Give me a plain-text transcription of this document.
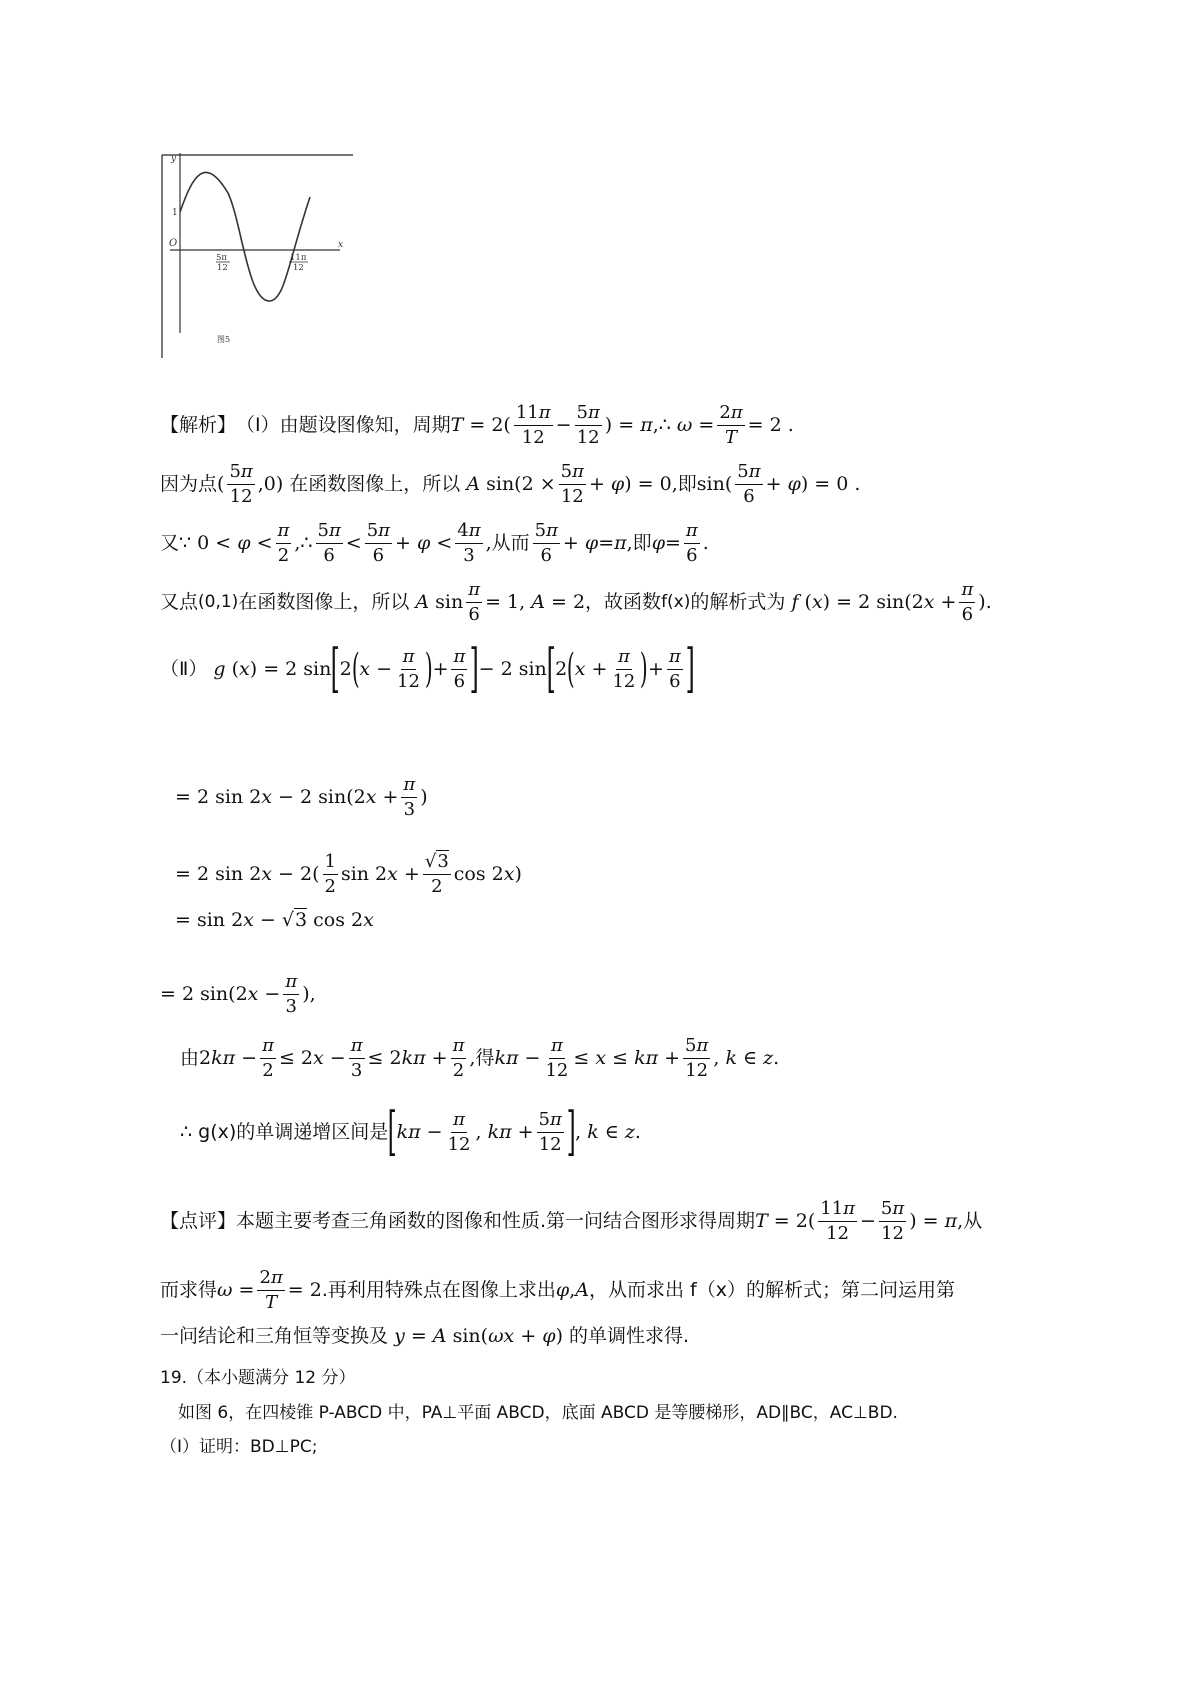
y
x
O
1
5π
12
11π
12
图5
【解析】 （Ⅰ） 由题设图像知，周期 $T = 2( \frac{11\pi}{12} - \frac{5\pi}{12}$ ) = π,∴ $\omega = \frac{2\pi}{T} = 2$ .
因为点 ( $\frac{5\pi}{12} ,0$) 在函数图像上，所以 A $\sin(2 \times \frac{5\pi}{12} + \varphi) = 0$, 即 $\sin( \frac{5\pi}{6} + \varphi) = 0$ .
又∵ $0 < \varphi < \frac{\pi}{2}$ ,∴ $\frac{5\pi}{6} < \frac{5\pi}{6} + \varphi < \frac{4\pi}{3}$ , 从而 $\frac{5\pi}{6} + \varphi=\pi$, 即 $\varphi = \frac{\pi}{6}$ .
又点 (0,1) 在函数图像上，所以 A $\sin \frac{\pi}{6} = 1$, A = 2 ，故函数 f(x) 的解析式为 f (x) = 2 $\sin(2x + \frac{\pi}{6}$ ).
（Ⅱ） g (x) = 2 sin [ 2 ( $x - \frac{\pi}{12}$ ) + $\frac{\pi}{6}$ ] − 2 sin [ 2 ( $x + \frac{\pi}{12}$ ) + $\frac{\pi}{6}$ ]
= 2 sin 2x − 2 $\sin(2x + \frac{\pi}{3}$ )
= 2 $\sin 2x - 2( \frac{1}{2}$ $\sin 2x + \frac{√3}{2}$ cos 2x)
= sin 2x − √3 cos 2x
= 2 $\sin(2x - \frac{\pi}{3}$ ),
由 $2k\pi - \frac{\pi}{2} \le 2x - \frac{\pi}{3} \le 2k\pi + \frac{\pi}{2}$ , 得 $k\pi - \frac{\pi}{12} \le x \le k\pi + \frac{5\pi}{12}$ , k ∈ z.
∴ g(x)的单调递增区间是 [ $k\pi - \frac{\pi}{12}$ , $k\pi + \frac{5\pi}{12}$ ] , k ∈ z.
【点评】 本题主要考查三角函数的图像和性质.第一问结合图形求得周期 $T = 2( \frac{11\pi}{12} - \frac{5\pi}{12}$ ) = π, 从
而求得 $\omega = \frac{2\pi}{T} = 2$ .再利用特殊点在图像上求出 φ , A ，从而求出 f（x）的解析式；第二问运用第
一问结论和三角恒等变换及 y = A sin(ωx + φ) 的单调性求得.
19.（本小题满分 12 分）
如图 6，在四棱锥 P-ABCD 中，PA⊥平面 ABCD，底面 ABCD 是等腰梯形，AD∥BC，AC⊥BD.
（Ⅰ）证明：BD⊥PC;
